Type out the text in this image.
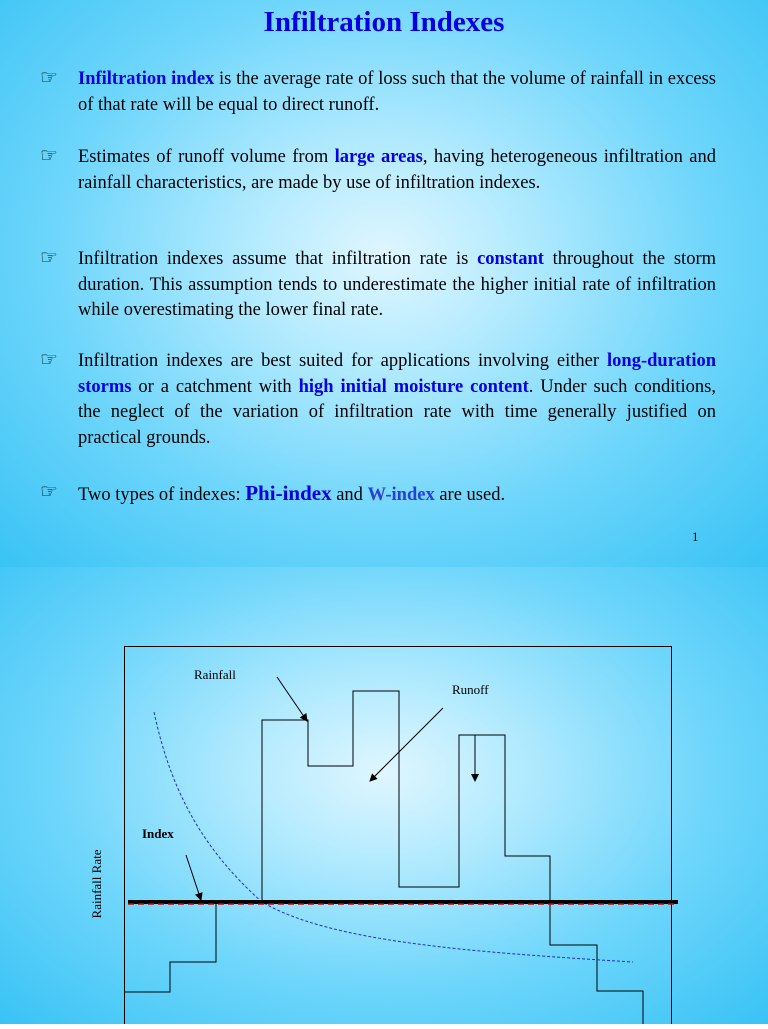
Infiltration Indexes
☞	Infiltration index is the average rate of loss such that the volume of rainfall in excess of that rate will be equal to direct runoff.

☞	Estimates of runoff volume from large areas, having heterogeneous infiltration and rainfall characteristics, are made by use of infiltration indexes.

☞	Infiltration indexes assume that infiltration rate is constant throughout the storm duration. This assumption tends to underestimate the higher initial rate of infiltration while overestimating the lower final rate.

☞	Infiltration indexes are best suited for applications involving either long-duration storms or a catchment with high initial moisture content. Under such conditions, the neglect of the variation of infiltration rate with time generally justified on practical grounds.

☞	Two types of indexes: Phi-index and W-index are used.

1
Rainfall
Runoff
Index
Rainfall Rate
